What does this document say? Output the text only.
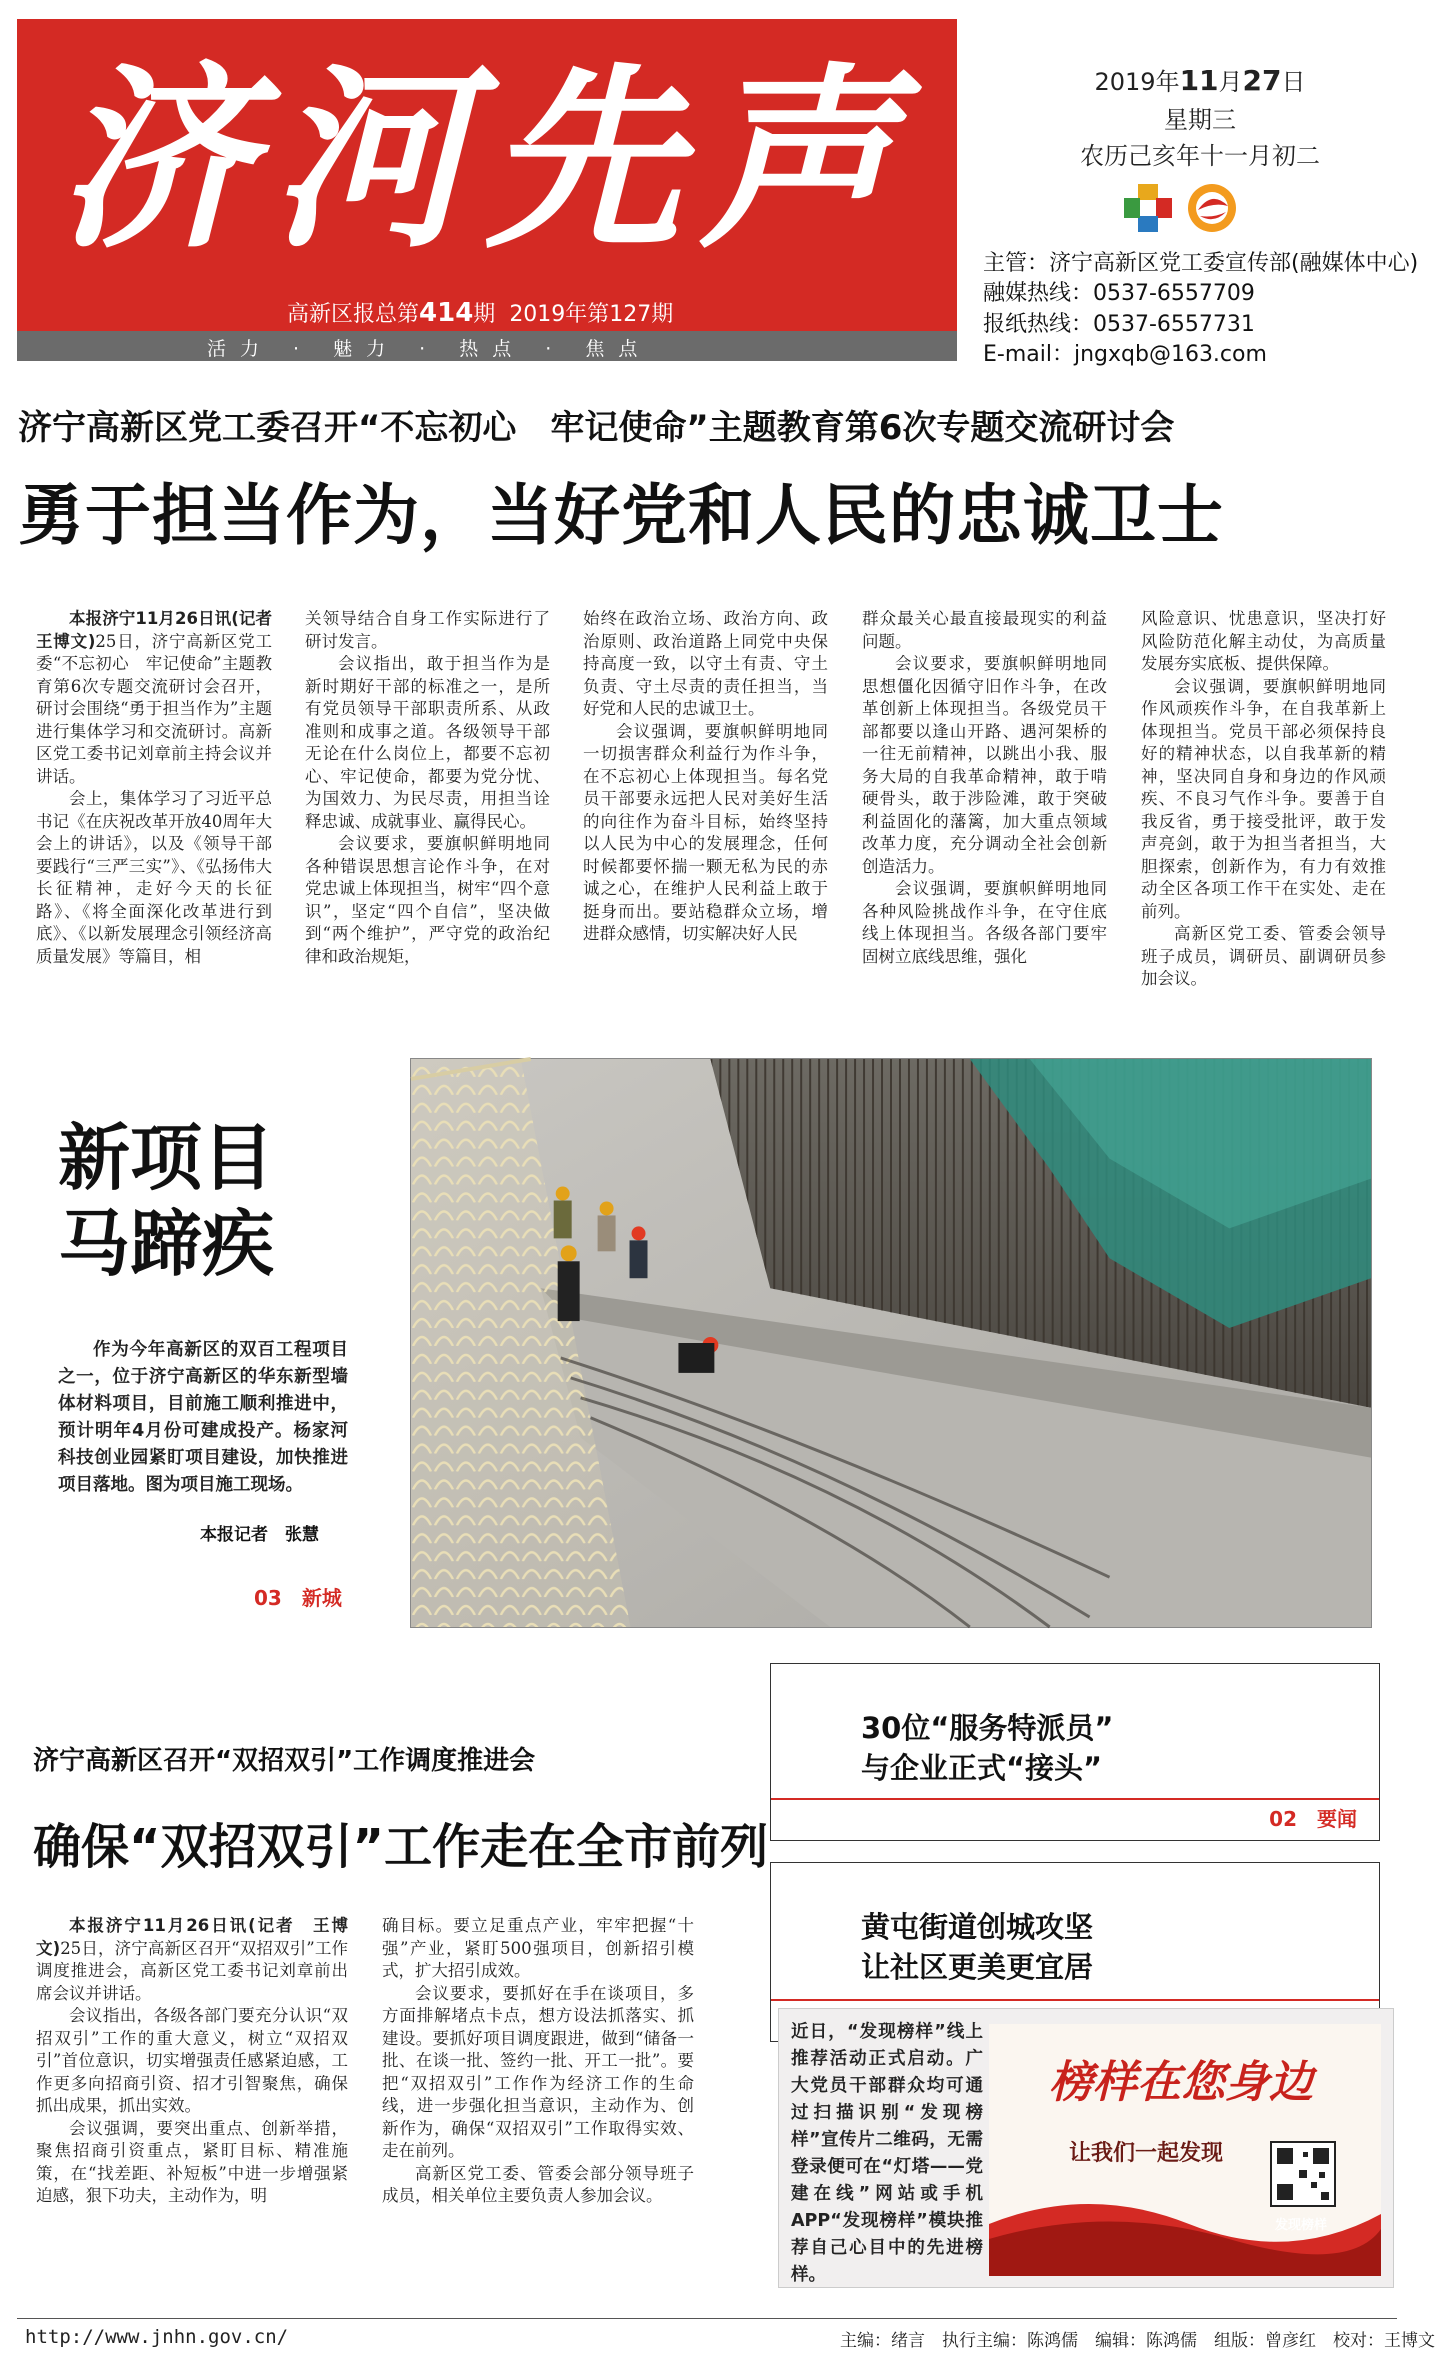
济河先声
高新区报总第414期 2019年第127期
活力 · 魅力 · 热点 · 焦点
2019年11月27日
星期三
农历己亥年十一月初二
主管：济宁高新区党工委宣传部(融媒体中心)
融媒热线：0537-6557709
报纸热线：0537-6557731
E-mail：jngxqb@163.com
济宁高新区党工委召开“不忘初心　牢记使命”主题教育第6次专题交流研讨会
勇于担当作为，当好党和人民的忠诚卫士

本报济宁11月26日讯(记者　王博文)25日，济宁高新区党工委“不忘初心　牢记使命”主题教育第6次专题交流研讨会召开，研讨会围绕“勇于担当作为”主题进行集体学习和交流研讨。高新区党工委书记刘章前主持会议并讲话。

会上，集体学习了习近平总书记《在庆祝改革开放40周年大会上的讲话》，以及《领导干部要践行“三严三实”》、《弘扬伟大长征精神，走好今天的长征路》、《将全面深化改革进行到底》、《以新发展理念引领经济高质量发展》等篇目，相

关领导结合自身工作实际进行了研讨发言。

会议指出，敢于担当作为是新时期好干部的标准之一，是所有党员领导干部职责所系、从政准则和成事之道。各级领导干部无论在什么岗位上，都要不忘初心、牢记使命，都要为党分忧、为国效力、为民尽责，用担当诠释忠诚、成就事业、赢得民心。

会议要求，要旗帜鲜明地同各种错误思想言论作斗争，在对党忠诚上体现担当，树牢“四个意识”，坚定“四个自信”，坚决做到“两个维护”，严守党的政治纪律和政治规矩，

始终在政治立场、政治方向、政治原则、政治道路上同党中央保持高度一致，以守土有责、守土负责、守土尽责的责任担当，当好党和人民的忠诚卫士。

会议强调，要旗帜鲜明地同一切损害群众利益行为作斗争，在不忘初心上体现担当。每名党员干部要永远把人民对美好生活的向往作为奋斗目标，始终坚持以人民为中心的发展理念，任何时候都要怀揣一颗无私为民的赤诚之心，在维护人民利益上敢于挺身而出。要站稳群众立场，增进群众感情，切实解决好人民

群众最关心最直接最现实的利益问题。

会议要求，要旗帜鲜明地同思想僵化因循守旧作斗争，在改革创新上体现担当。各级党员干部都要以逢山开路、遇河架桥的一往无前精神，以跳出小我、服务大局的自我革命精神，敢于啃硬骨头，敢于涉险滩，敢于突破利益固化的藩篱，加大重点领域改革力度，充分调动全社会创新创造活力。

会议强调，要旗帜鲜明地同各种风险挑战作斗争，在守住底线上体现担当。各级各部门要牢固树立底线思维，强化

风险意识、忧患意识，坚决打好风险防范化解主动仗，为高质量发展夯实底板、提供保障。

会议强调，要旗帜鲜明地同作风顽疾作斗争，在自我革新上体现担当。党员干部必须保持良好的精神状态，以自我革新的精神，坚决同自身和身边的作风顽疾、不良习气作斗争。要善于自我反省，勇于接受批评，敢于发声亮剑，敢于为担当者担当，大胆探索，创新作为，有力有效推动全区各项工作干在实处、走在前列。

高新区党工委、管委会领导班子成员，调研员、副调研员参加会议。

新项目
马蹄疾
作为今年高新区的双百工程项目之一，位于济宁高新区的华东新型墙体材料项目，目前施工顺利推进中，预计明年4月份可建成投产。杨家河科技创业园紧盯项目建设，加快推进项目落地。图为项目施工现场。
本报记者　张慧
03　新城
济宁高新区召开“双招双引”工作调度推进会
确保“双招双引”工作走在全市前列

本报济宁11月26日讯(记者　王博文)25日，济宁高新区召开“双招双引”工作调度推进会，高新区党工委书记刘章前出席会议并讲话。

会议指出，各级各部门要充分认识“双招双引”工作的重大意义，树立“双招双引”首位意识，切实增强责任感紧迫感，工作更多向招商引资、招才引智聚焦，确保抓出成果，抓出实效。

会议强调，要突出重点、创新举措，聚焦招商引资重点，紧盯目标、精准施策，在“找差距、补短板”中进一步增强紧迫感，狠下功夫，主动作为，明

确目标。要立足重点产业，牢牢把握“十强”产业，紧盯500强项目，创新招引模式，扩大招引成效。

会议要求，要抓好在手在谈项目，多方面排解堵点卡点，想方设法抓落实、抓建设。要抓好项目调度跟进，做到“储备一批、在谈一批、签约一批、开工一批”。要把“双招双引”工作作为经济工作的生命线，进一步强化担当意识，主动作为、创新作为，确保“双招双引”工作取得实效、走在前列。

高新区党工委、管委会部分领导班子成员，相关单位主要负责人参加会议。

30位“服务特派员”
与企业正式“接头”
02　要闻
黄屯街道创城攻坚
让社区更美更宜居
近日，“发现榜样”线上推荐活动正式启动。广大党员干部群众均可通过扫描识别“发现榜样”宣传片二维码，无需登录便可在“灯塔——党建在线”网站或手机APP“发现榜样”模块推荐自己心目中的先进榜样。
榜样在您身边
让我们一起发现
发现榜样
http://www.jnhn.gov.cn/	主编：绪言　执行主编：陈鸿儒　编辑：陈鸿儒　组版：曾彦红　校对：王博文
